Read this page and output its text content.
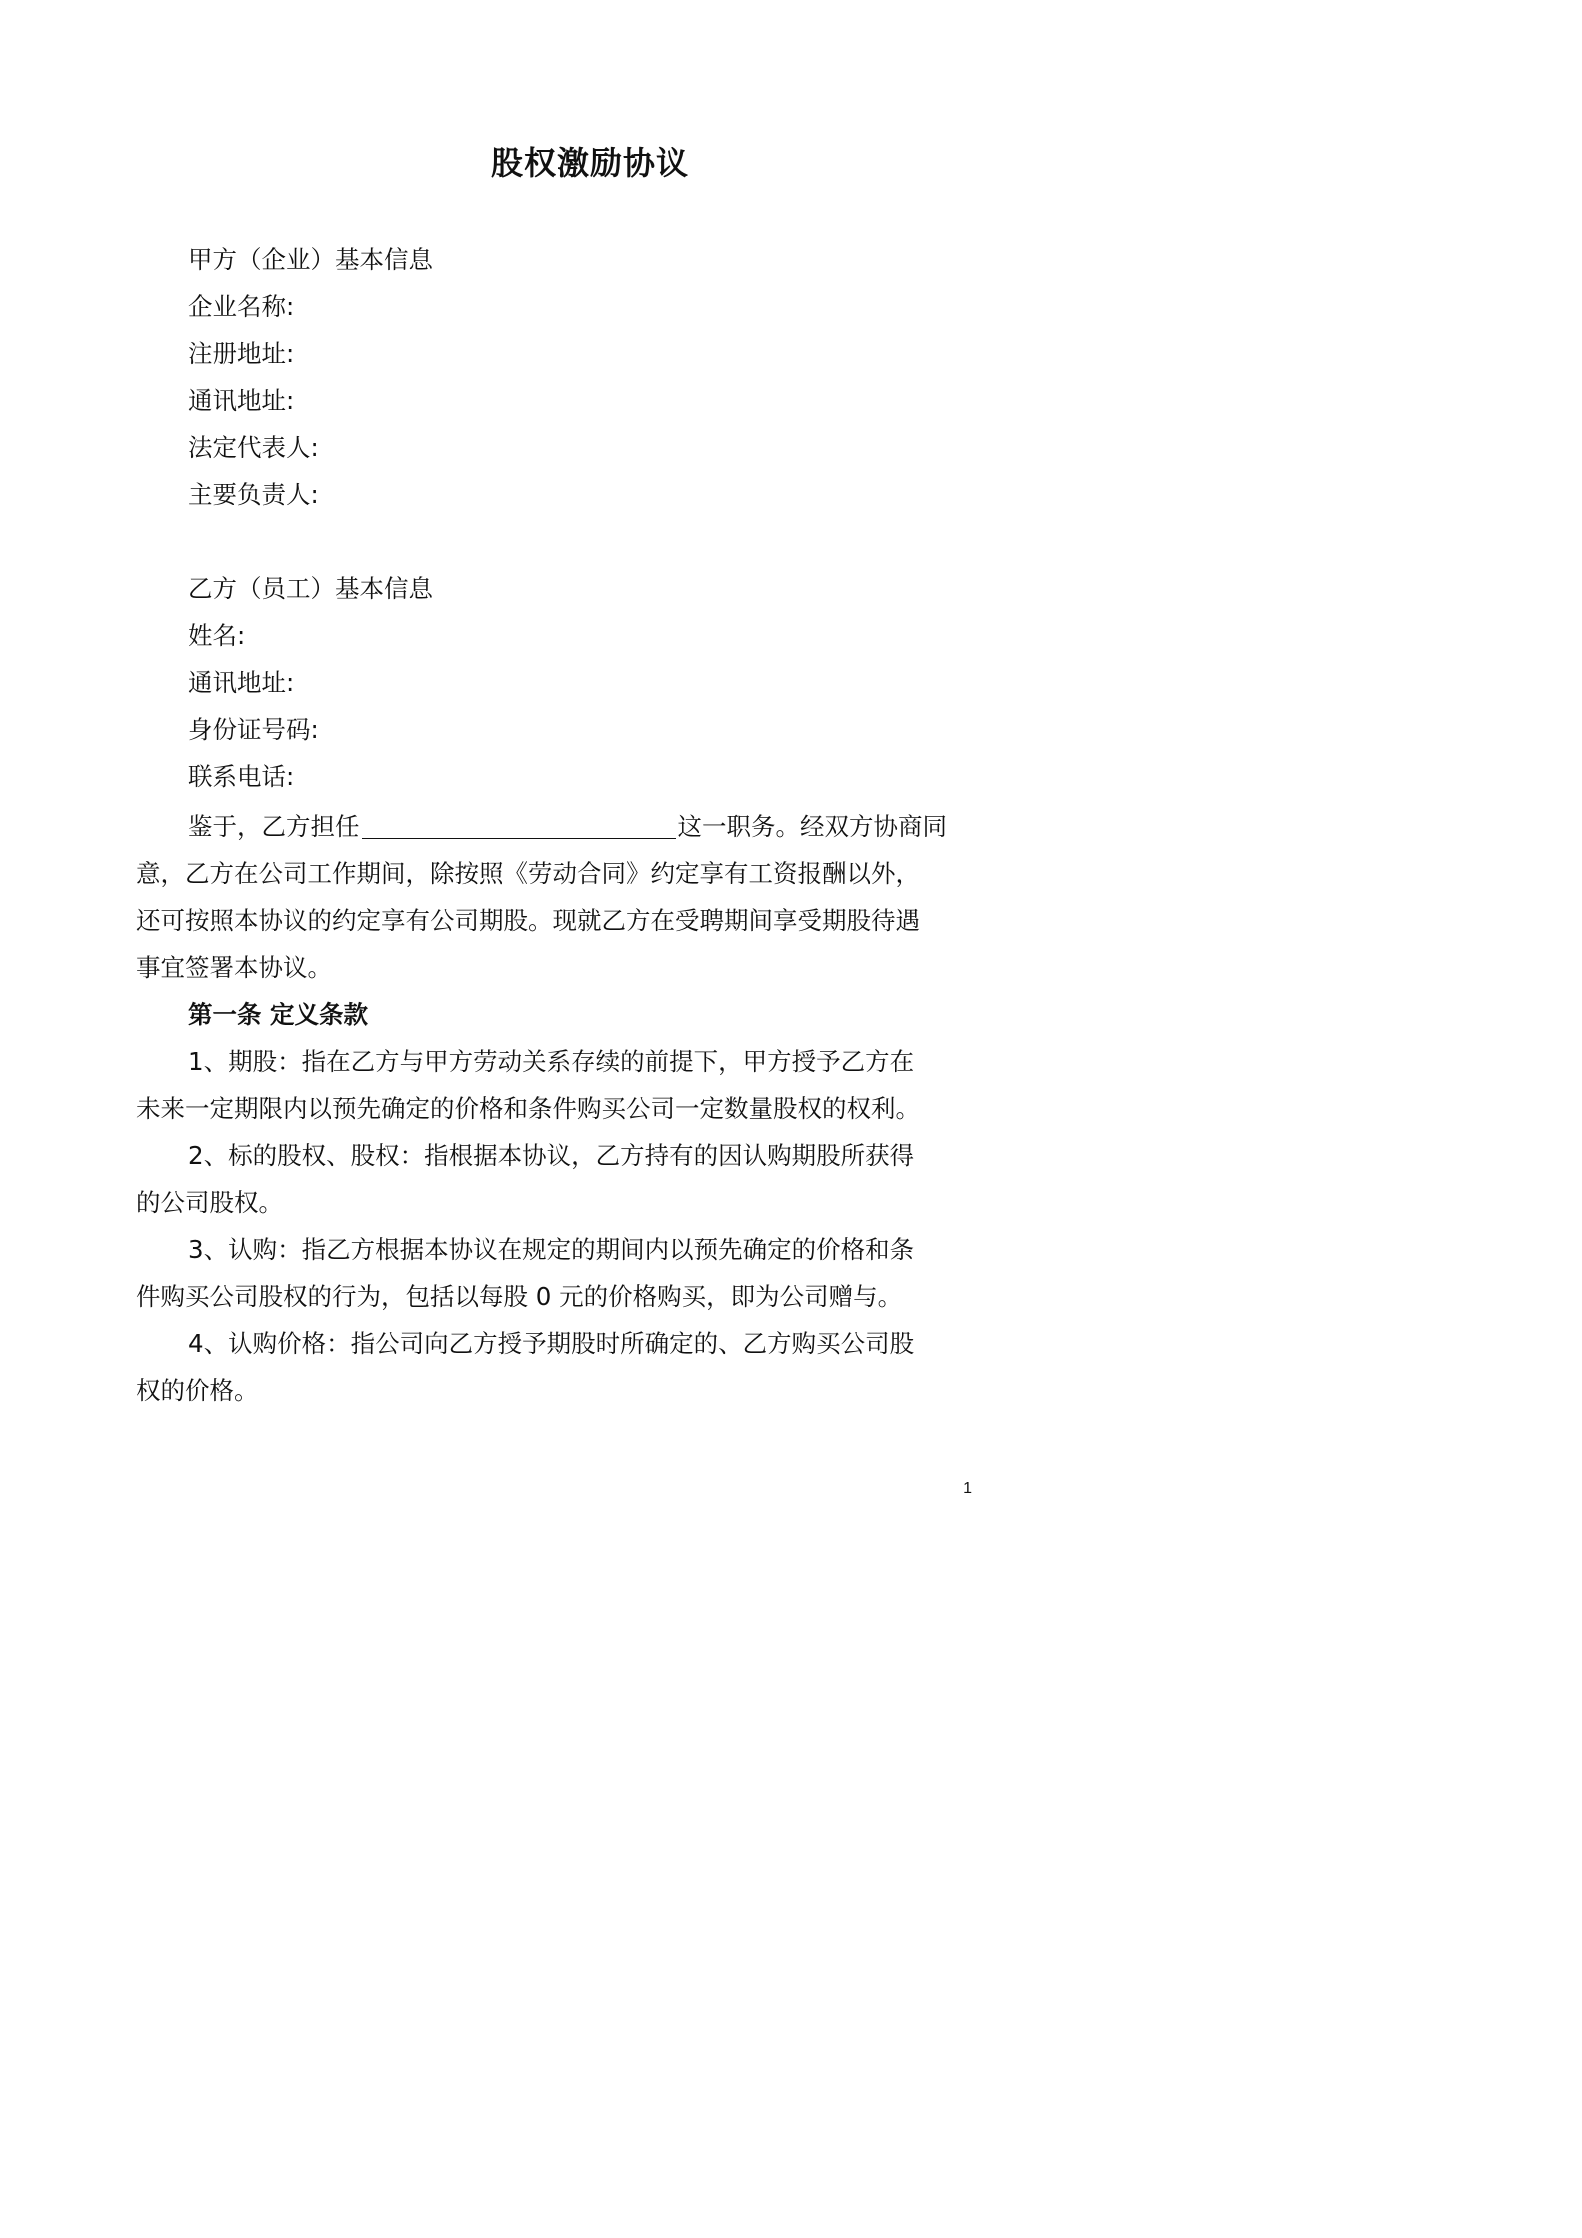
股权激励协议
甲方（企业）基本信息
企业名称:
注册地址:
通讯地址:
法定代表人:
主要负责人:
乙方（员工）基本信息
姓名:
通讯地址:
身份证号码:
联系电话:
鉴于，乙方担任	这一职务。经双方协商同
意，乙方在公司工作期间，除按照《劳动合同》约定享有工资报酬以外，
还可按照本协议的约定享有公司期股。现就乙方在受聘期间享受期股待遇
事宜签署本协议。
第一条 定义条款
1、期股：指在乙方与甲方劳动关系存续的前提下，甲方授予乙方在
未来一定期限内以预先确定的价格和条件购买公司一定数量股权的权利。
2、标的股权、股权：指根据本协议，乙方持有的因认购期股所获得
的公司股权。
3、认购：指乙方根据本协议在规定的期间内以预先确定的价格和条
件购买公司股权的行为，包括以每股 0 元的价格购买，即为公司赠与。
4、认购价格：指公司向乙方授予期股时所确定的、乙方购买公司股
权的价格。
1
